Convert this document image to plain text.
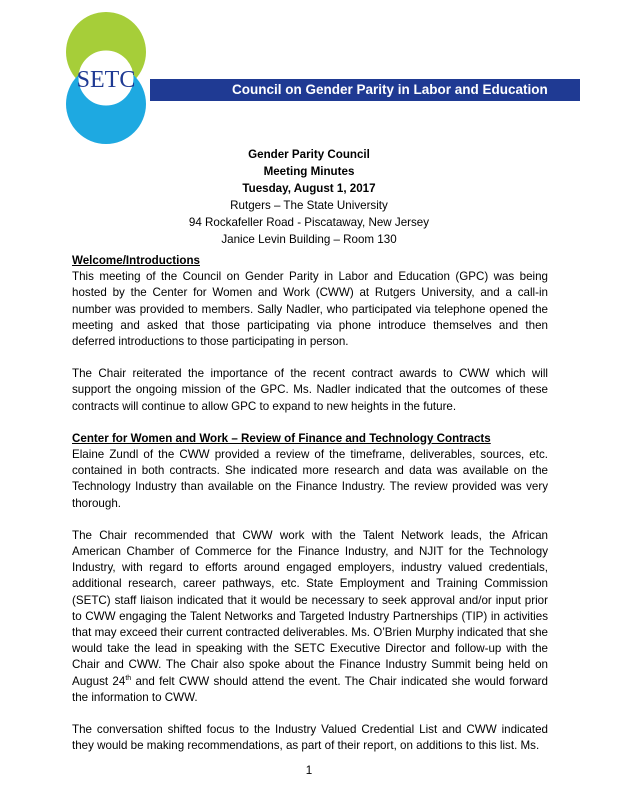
SETC	Council on Gender Parity in Labor and Education
Gender Parity Council
Meeting Minutes
Tuesday, August 1, 2017
Rutgers – The State University
94 Rockafeller Road - Piscataway, New Jersey
Janice Levin Building – Room 130
Welcome/Introductions

This meeting of the Council on Gender Parity in Labor and Education (GPC) was being hosted by the Center for Women and Work (CWW) at Rutgers University, and a call-in number was provided to members. Sally Nadler, who participated via telephone opened the meeting and asked that those participating via phone introduce themselves and then deferred introductions to those participating in person.

The Chair reiterated the importance of the recent contract awards to CWW which will support the ongoing mission of the GPC. Ms. Nadler indicated that the outcomes of these contracts will continue to allow GPC to expand to new heights in the future.

Center for Women and Work – Review of Finance and Technology Contracts

Elaine Zundl of the CWW provided a review of the timeframe, deliverables, sources, etc. contained in both contracts. She indicated more research and data was available on the Technology Industry than available on the Finance Industry. The review provided was very thorough.

The Chair recommended that CWW work with the Talent Network leads, the African American Chamber of Commerce for the Finance Industry, and NJIT for the Technology Industry, with regard to efforts around engaged employers, industry valued credentials, additional research, career pathways, etc. State Employment and Training Commission (SETC) staff liaison indicated that it would be necessary to seek approval and/or input prior to CWW engaging the Talent Networks and Targeted Industry Partnerships (TIP) in activities that may exceed their current contracted deliverables. Ms. O’Brien Murphy indicated that she would take the lead in speaking with the SETC Executive Director and follow-up with the Chair and CWW. The Chair also spoke about the Finance Industry Summit being held on August 24th and felt CWW should attend the event. The Chair indicated she would forward the information to CWW.

The conversation shifted focus to the Industry Valued Credential List and CWW indicated they would be making recommendations, as part of their report, on additions to this list. Ms.

1
